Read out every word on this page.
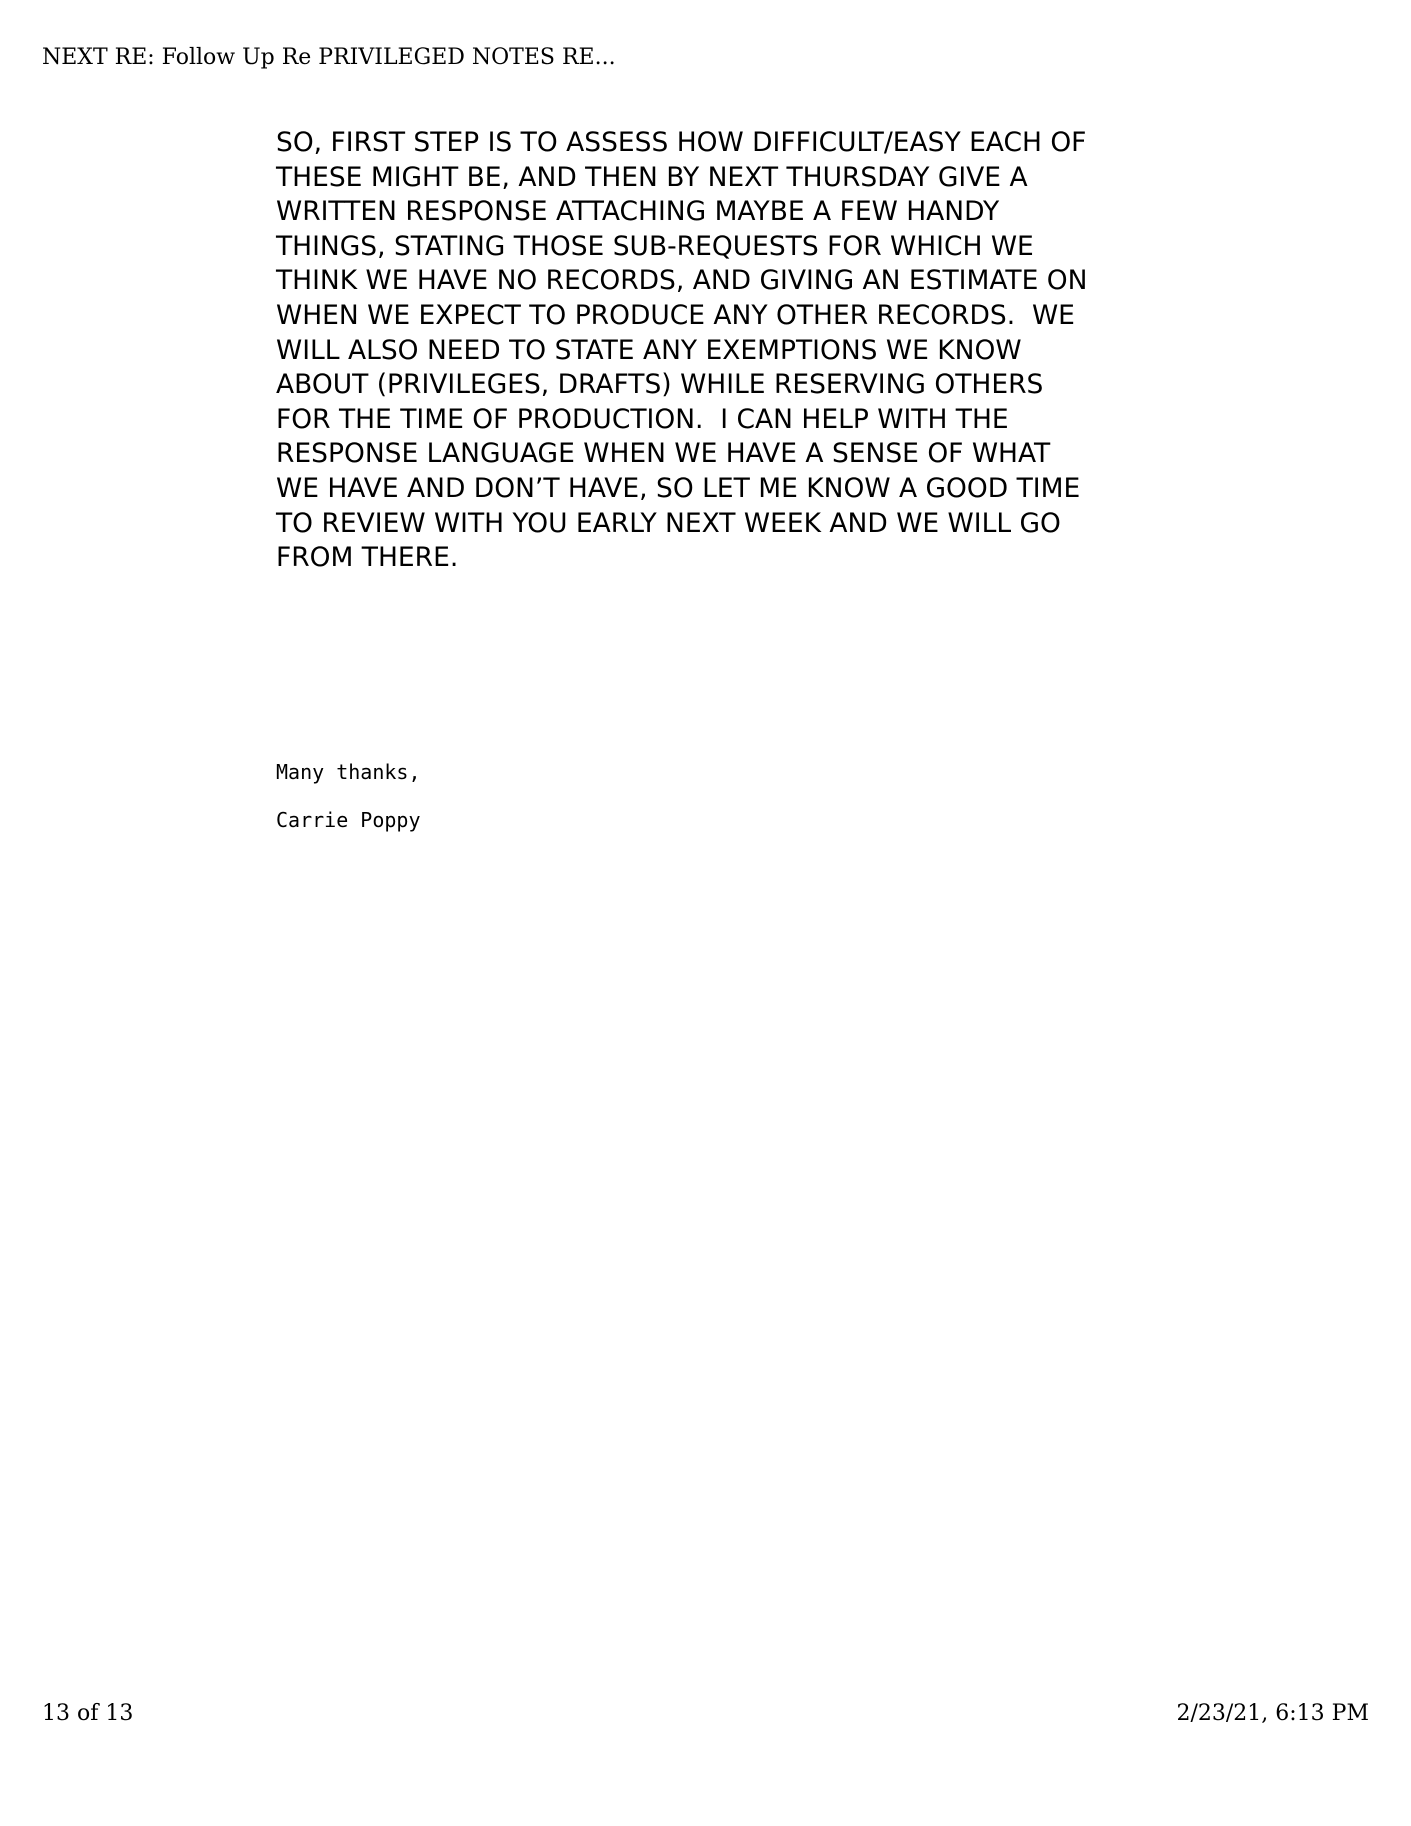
NEXT RE: Follow Up Re PRIVILEGED NOTES RE...
SO, FIRST STEP IS TO ASSESS HOW DIFFICULT/EASY EACH OF
THESE MIGHT BE, AND THEN BY NEXT THURSDAY GIVE A
WRITTEN RESPONSE ATTACHING MAYBE A FEW HANDY
THINGS, STATING THOSE SUB-REQUESTS FOR WHICH WE
THINK WE HAVE NO RECORDS, AND GIVING AN ESTIMATE ON
WHEN WE EXPECT TO PRODUCE ANY OTHER RECORDS.  WE
WILL ALSO NEED TO STATE ANY EXEMPTIONS WE KNOW
ABOUT (PRIVILEGES, DRAFTS) WHILE RESERVING OTHERS
FOR THE TIME OF PRODUCTION.  I CAN HELP WITH THE
RESPONSE LANGUAGE WHEN WE HAVE A SENSE OF WHAT
WE HAVE AND DON’T HAVE, SO LET ME KNOW A GOOD TIME
TO REVIEW WITH YOU EARLY NEXT WEEK AND WE WILL GO
FROM THERE.
Many thanks,
Carrie Poppy
13 of 13	2/23/21, 6:13 PM
